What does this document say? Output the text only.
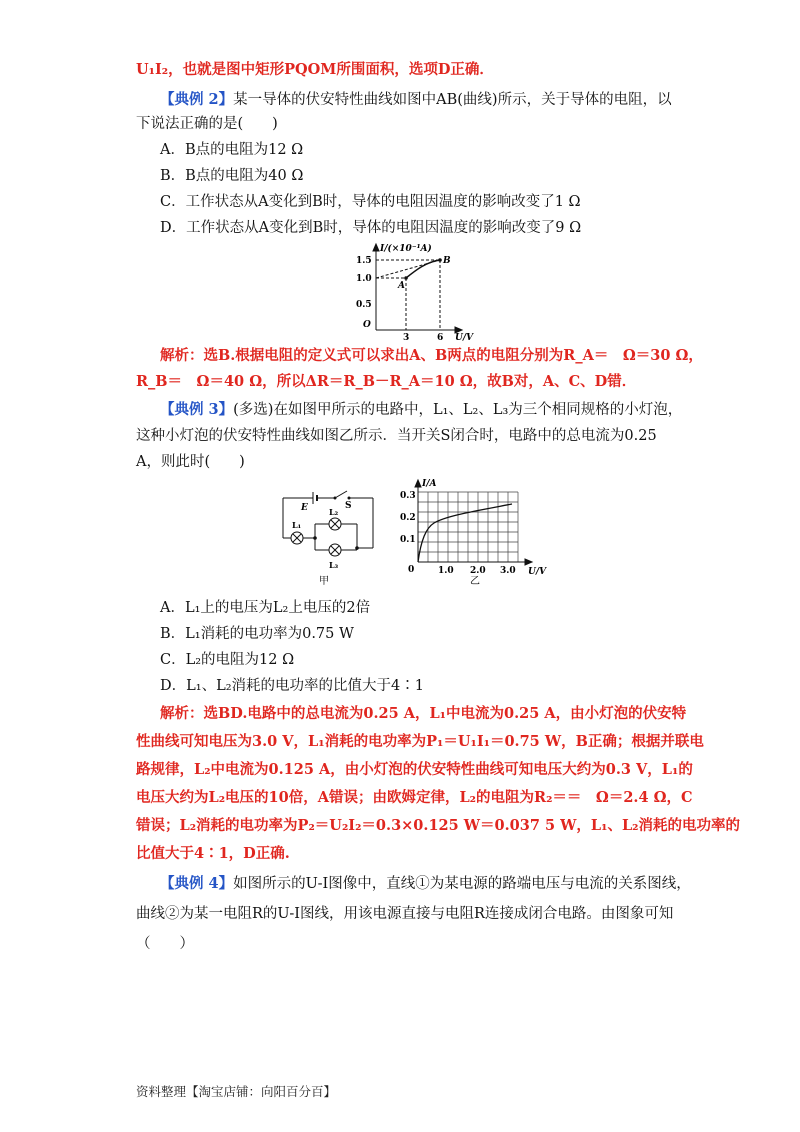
U₁I₂，也就是图中矩形PQOM所围面积，选项D正确．
【典例 2】某一导体的伏安特性曲线如图中AB(曲线)所示，关于导体的电阻，以
下说法正确的是(　　)
A．B点的电阻为12 Ω
B．B点的电阻为40 Ω
C．工作状态从A变化到B时，导体的电阻因温度的影响改变了1 Ω
D．工作状态从A变化到B时，导体的电阻因温度的影响改变了9 Ω
I/(×10⁻¹A)
U/V
O
1.5
1.0
0.5
3	6
A
B
解析：选B.根据电阻的定义式可以求出A、B两点的电阻分别为R_A＝　Ω＝30 Ω，
R_B＝　Ω＝40 Ω，所以ΔR＝R_B－R_A＝10 Ω，故B对，A、C、D错．
【典例 3】(多选)在如图甲所示的电路中，L₁、L₂、L₃为三个相同规格的小灯泡，
这种小灯泡的伏安特性曲线如图乙所示．当开关S闭合时，电路中的总电流为0.25
A，则此时(　　)
E	S
L₁
L₂
L₃
甲
I/A
U/V
0
0.3
0.2
0.1
1.0 2.0 3.0
乙
A．L₁上的电压为L₂上电压的2倍
B．L₁消耗的电功率为0.75 W
C．L₂的电阻为12 Ω
D．L₁、L₂消耗的电功率的比值大于4∶1
解析：选BD.电路中的总电流为0.25 A，L₁中电流为0.25 A，由小灯泡的伏安特
性曲线可知电压为3.0 V，L₁消耗的电功率为P₁＝U₁I₁＝0.75 W，B正确；根据并联电
路规律，L₂中电流为0.125 A，由小灯泡的伏安特性曲线可知电压大约为0.3 V，L₁的
电压大约为L₂电压的10倍，A错误；由欧姆定律，L₂的电阻为R₂＝＝　Ω＝2.4 Ω，C
错误；L₂消耗的电功率为P₂＝U₂I₂＝0.3×0.125 W＝0.037 5 W，L₁、L₂消耗的电功率的
比值大于4∶1，D正确.
【典例 4】如图所示的U-I图像中，直线①为某电源的路端电压与电流的关系图线，
曲线②为某一电阻R的U-I图线，用该电源直接与电阻R连接成闭合电路。由图象可知
（　　）
资料整理【淘宝店铺：向阳百分百】
